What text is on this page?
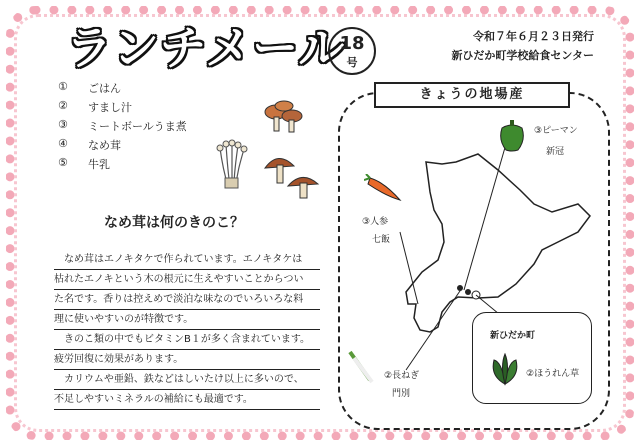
ランチメール
18
号
令和７年６月２３日発行
新ひだか町学校給食センター
①	ごはん
②	すまし汁
③	ミートボールうま煮
④	なめ茸
⑤	牛乳
なめ茸は何のきのこ？
　なめ茸はエノキタケで作られています。エノキタケは
枯れたエノキという木の根元に生えやすいことからつい
た名です。香りは控えめで淡泊な味なのでいろいろな料
理に使いやすいのが特徴です。
　きのこ類の中でもビタミンB１が多く含まれています。
疲労回復に効果があります。
　カリウムや亜鉛、鉄などはしいたけ以上に多いので、
不足しやすいミネラルの補給にも最適です。
きょうの地場産
③ピーマン
新冠
③人参
七飯
②長ねぎ
門別
新ひだか町
②ほうれん草
